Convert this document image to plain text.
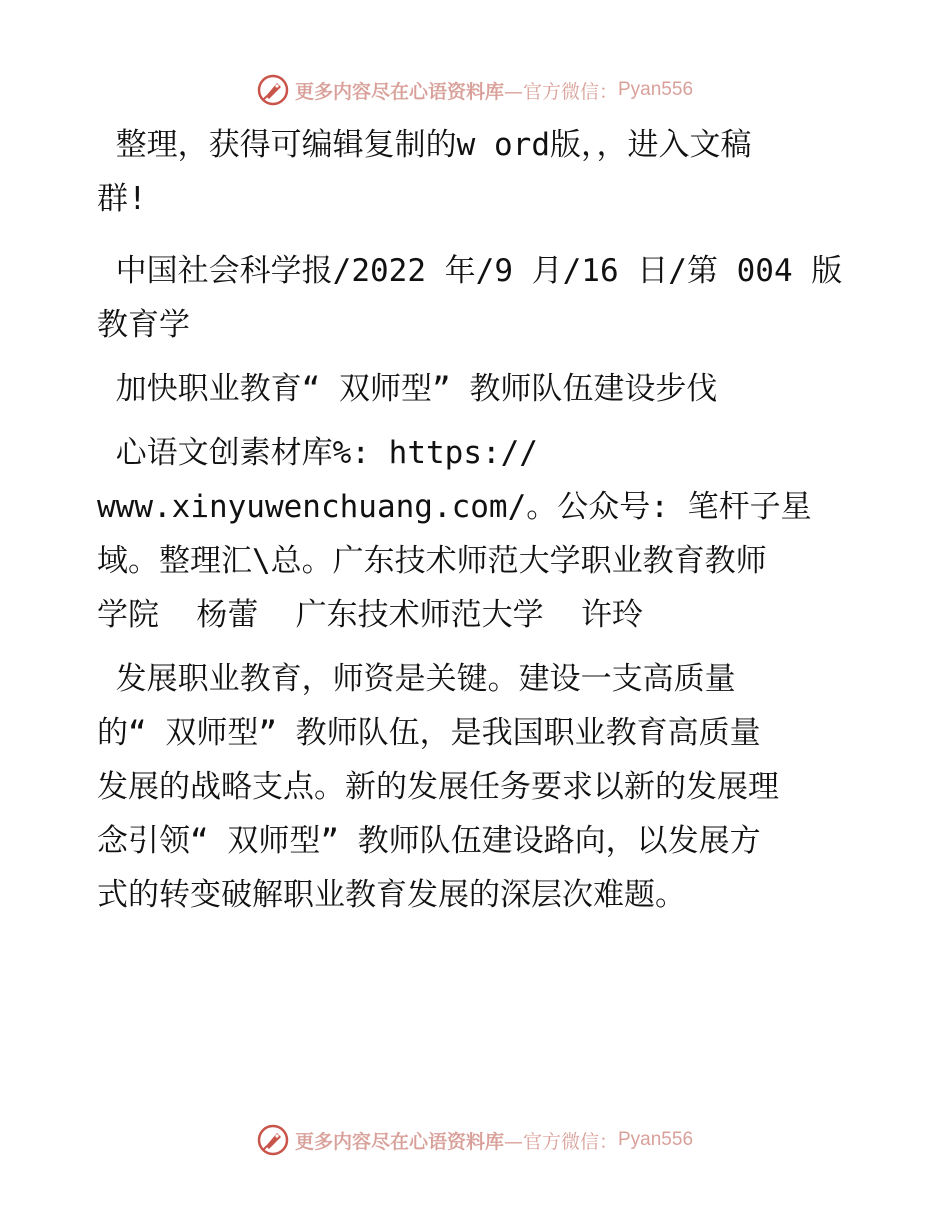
更多内容尽在心语资料库 —官方微信： Pyan556
整理，获得可编辑复制的w ord版，，进入文稿
群!
中国社会科学报/2022 年/9 月/16 日/第 004 版
教育学
加快职业教育“ 双师型” 教师队伍建设步伐
心语文创素材库%: https://
www.xinyuwenchuang.com/。公众号: 笔杆子星
域。整理汇\总。广东技术师范大学职业教育教师
学院  杨蕾  广东技术师范大学  许玲
发展职业教育，师资是关键。建设一支高质量
的“ 双师型” 教师队伍，是我国职业教育高质量
发展的战略支点。新的发展任务要求以新的发展理
念引领“ 双师型” 教师队伍建设路向，以发展方
式的转变破解职业教育发展的深层次难题。
更多内容尽在心语资料库 —官方微信： Pyan556
